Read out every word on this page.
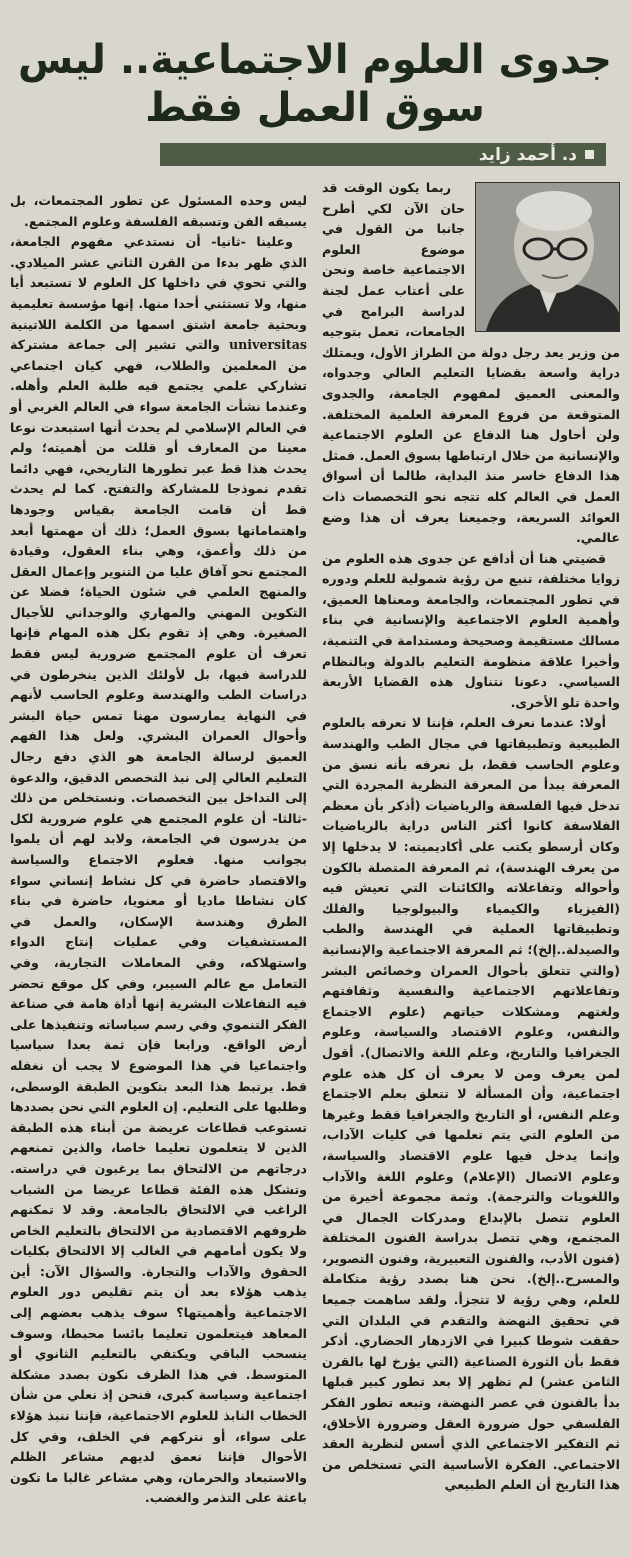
جدوى العلوم الاجتماعية.. ليس سوق العمل فقط
د. أحمد زايد

ربما يكون الوقت قد حان الآن لكي أطرح جانبا من القول في موضوع العلوم الاجتماعية خاصة ونحن على أعتاب عمل لجنة لدراسة البرامج في الجامعات، تعمل بتوجيه من وزير يعد رجل دولة من الطراز الأول، ويمتلك دراية واسعة بقضايا التعليم العالي وجدواه، والمعنى العميق لمفهوم الجامعة، والجدوى المتوقعة من فروع المعرفة العلمية المختلفة. ولن أحاول هنا الدفاع عن العلوم الاجتماعية والإنسانية من خلال ارتباطها بسوق العمل. فمثل هذا الدفاع خاسر منذ البداية، طالما أن أسواق العمل في العالم كله تتجه نحو التخصصات ذات العوائد السريعة، وجميعنا يعرف أن هذا وضع عالمي.

قضيتي هنا أن أدافع عن جدوى هذه العلوم من زوايا مختلفة، تنبع من رؤية شمولية للعلم ودوره في تطور المجتمعات، والجامعة ومعناها العميق، وأهمية العلوم الاجتماعية والإنسانية في بناء مسالك مستقيمة وصحيحة ومستدامة في التنمية، وأخيرا علاقة منظومة التعليم بالدولة وبالنظام السياسي. دعونا نتناول هذه القضايا الأربعة واحدة تلو الأخرى.

أولا: عندما نعرف العلم، فإننا لا نعرفه بالعلوم الطبيعية وتطبيقاتها في مجال الطب والهندسة وعلوم الحاسب فقط، بل نعرفه بأنه نسق من المعرفة يبدأ من المعرفة النظرية المجردة التي تدخل فيها الفلسفة والرياضيات (أذكر بأن معظم الفلاسفة كانوا أكثر الناس دراية بالرياضيات وكان أرسطو يكتب على أكاديميته: لا يدخلها إلا من يعرف الهندسة)، ثم المعرفة المتصلة بالكون وأحواله وتفاعلاته والكائنات التي تعيش فيه (الفيزياء والكيمياء والبيولوجيا والفلك وتطبيقاتها العملية في الهندسة والطب والصيدلة..إلخ)؛ ثم المعرفة الاجتماعية والإنسانية (والتي تتعلق بأحوال العمران وخصائص البشر وتفاعلاتهم الاجتماعية والنفسية وثقافتهم ولغتهم ومشكلات حياتهم (علوم الاجتماع والنفس، وعلوم الاقتصاد والسياسة، وعلوم الجغرافيا والتاريخ، وعلم اللغة والاتصال). أقول لمن يعرف ومن لا يعرف أن كل هذه علوم اجتماعية، وأن المسألة لا تتعلق بعلم الاجتماع وعلم النفس، أو التاريخ والجغرافيا فقط وغيرها من العلوم التي يتم تعلمها في كليات الآداب، وإنما يدخل فيها علوم الاقتصاد والسياسة، وعلوم الاتصال (الإعلام) وعلوم اللغة والآداب واللغويات والترجمة). وثمة مجموعة أخيرة من العلوم تتصل بالإبداع ومدركات الجمال في المجتمع، وهي تتصل بدراسة الفنون المختلفة (فنون الأدب، والفنون التعبيرية، وفنون التصوير، والمسرح..إلخ). نحن هنا بصدد رؤية متكاملة للعلم، وهي رؤية لا تتجزأ. ولقد ساهمت جميعا في تحقيق النهضة والتقدم في البلدان التي حققت شوطا كبيرا في الازدهار الحضاري. أذكر فقط بأن الثورة الصناعية (التي يؤرخ لها بالقرن الثامن عشر) لم تظهر إلا بعد تطور كبير قبلها بدأ بالفنون في عصر النهضة، وتبعه تطور الفكر الفلسفي حول ضرورة العقل وضرورة الأخلاق، ثم التفكير الاجتماعي الذي أسس لنظرية العقد الاجتماعي. الفكرة الأساسية التي تستخلص من هذا التاريخ أن العلم الطبيعي

ليس وحده المسئول عن تطور المجتمعات، بل يسبقه الفن وتسبقه الفلسفة وعلوم المجتمع.

وعلينا -ثانيا- أن نستدعي مفهوم الجامعة، الذي ظهر بدءا من القرن الثاني عشر الميلادي. والتي تحوي في داخلها كل العلوم لا تستبعد أيا منها، ولا تستثني أحدا منها. إنها مؤسسة تعليمية وبحثية جامعة اشتق اسمها من الكلمة اللاتينية universitas والتي تشير إلى جماعة مشتركة من المعلمين والطلاب، فهي كيان اجتماعي تشاركي علمي يجتمع فيه طلبة العلم وأهله. وعندما نشأت الجامعة سواء في العالم الغربي أو في العالم الإسلامي لم يحدث أنها استبعدت نوعا معينا من المعارف أو قللت من أهميته؛ ولم يحدث هذا قط عبر تطورها التاريخي، فهي دائما تقدم نموذجا للمشاركة والتفتح. كما لم يحدث قط أن قامت الجامعة بقياس وجودها واهتماماتها بسوق العمل؛ ذلك أن مهمتها أبعد من ذلك وأعمق، وهي بناء العقول، وقيادة المجتمع نحو آفاق عليا من التنوير وإعمال العقل والمنهج العلمي في شئون الحياة؛ فضلا عن التكوين المهني والمهاري والوجداني للأجيال الصغيرة. وهي إذ تقوم بكل هذه المهام فإنها تعرف أن علوم المجتمع ضرورية ليس فقط للدراسة فيها، بل لأولئك الذين ينخرطون في دراسات الطب والهندسة وعلوم الحاسب لأنهم في النهاية يمارسون مهنا تمس حياة البشر وأحوال العمران البشري. ولعل هذا الفهم العميق لرسالة الجامعة هو الذي دفع رجال التعليم العالي إلى نبذ التخصص الدقيق، والدعوة إلى التداخل بين التخصصات. ونستخلص من ذلك -ثالثا- أن علوم المجتمع هي علوم ضرورية لكل من يدرسون في الجامعة، ولابد لهم أن يلموا بجوانب منها. فعلوم الاجتماع والسياسة والاقتصاد حاضرة في كل نشاط إنساني سواء كان نشاطا ماديا أو معنويا، حاضرة في بناء الطرق وهندسة الإسكان، والعمل في المستشفيات وفي عمليات إنتاج الدواء واستهلاكه، وفي المعاملات التجارية، وفي التعامل مع عالم السيبر، وفي كل موقع تحضر فيه التفاعلات البشرية إنها أداة هامة في صناعة الفكر التنموي وفي رسم سياساته وتنفيذها على أرض الواقع. ورابعا فإن ثمة بعدا سياسيا واجتماعيا في هذا الموضوع لا يجب أن نغفله قط. يرتبط هذا البعد بتكوين الطبقة الوسطى، وطلبها على التعليم. إن العلوم التي نحن بصددها تستوعب قطاعات عريضة من أبناء هذه الطبقة الذين لا يتعلمون تعليما خاصا، والذين تمنعهم درجاتهم من الالتحاق بما يرغبون في دراسته. وتشكل هذه الفئة قطاعا عريضا من الشباب الراغب في الالتحاق بالجامعة. وقد لا تمكنهم ظروفهم الاقتصادية من الالتحاق بالتعليم الخاص ولا يكون أمامهم في الغالب إلا الالتحاق بكليات الحقوق والآداب والتجارة. والسؤال الآن: أين يذهب هؤلاء بعد أن يتم تقليص دور العلوم الاجتماعية وأهميتها؟ سوف يذهب بعضهم إلى المعاهد فيتعلمون تعليما بائسا محبطا، وسوف ينسحب الباقي ويكتفي بالتعليم الثانوي أو المتوسط. في هذا الظرف نكون بصدد مشكلة اجتماعية وسياسة كبرى، فنحن إذ نعلي من شأن الخطاب النابذ للعلوم الاجتماعية، فإننا ننبذ هؤلاء على سواء، أو نتركهم في الخلف، وفي كل الأحوال فإننا نعمق لديهم مشاعر الظلم والاستبعاد والحرمان، وهي مشاعر غالبا ما تكون باعثة على التذمر والغضب.
